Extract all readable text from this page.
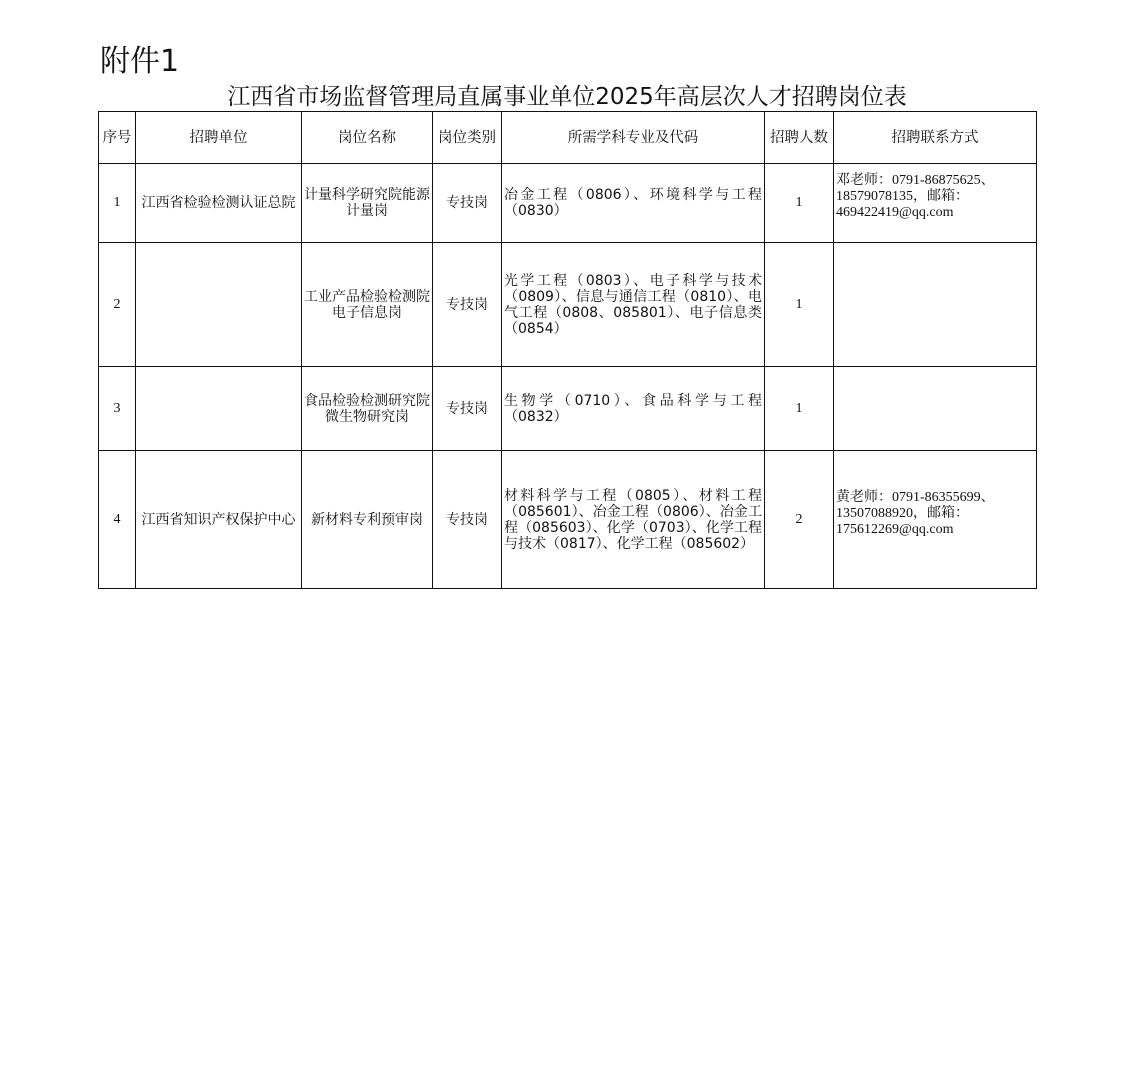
附件1
江西省市场监督管理局直属事业单位2025年高层次人才招聘岗位表
序号	招聘单位	岗位名称	岗位类别	所需学科专业及代码	招聘人数	招聘联系方式
1	江西省检验检测认证总院	计量科学研究院能源计量岗	专技岗	冶金工程（0806）、环境科学与工程（0830）	1	邓老师：0791-86875625、18579078135，邮箱：469422419@qq.com

2		工业产品检验检测院电子信息岗	专技岗	光学工程（0803）、电子科学与技术（0809）、信息与通信工程（0810）、电气工程（0808、085801）、电子信息类（0854）	1	
3		食品检验检测研究院微生物研究岗	专技岗	生物学（0710）、食品科学与工程（0832）	1	
4	江西省知识产权保护中心	新材料专利预审岗	专技岗	材料科学与工程（0805）、材料工程（085601）、冶金工程（0806）、冶金工程（085603）、化学（0703）、化学工程与技术（0817）、化学工程（085602）	2	黄老师：0791-86355699、13507088920，邮箱：175612269@qq.com
